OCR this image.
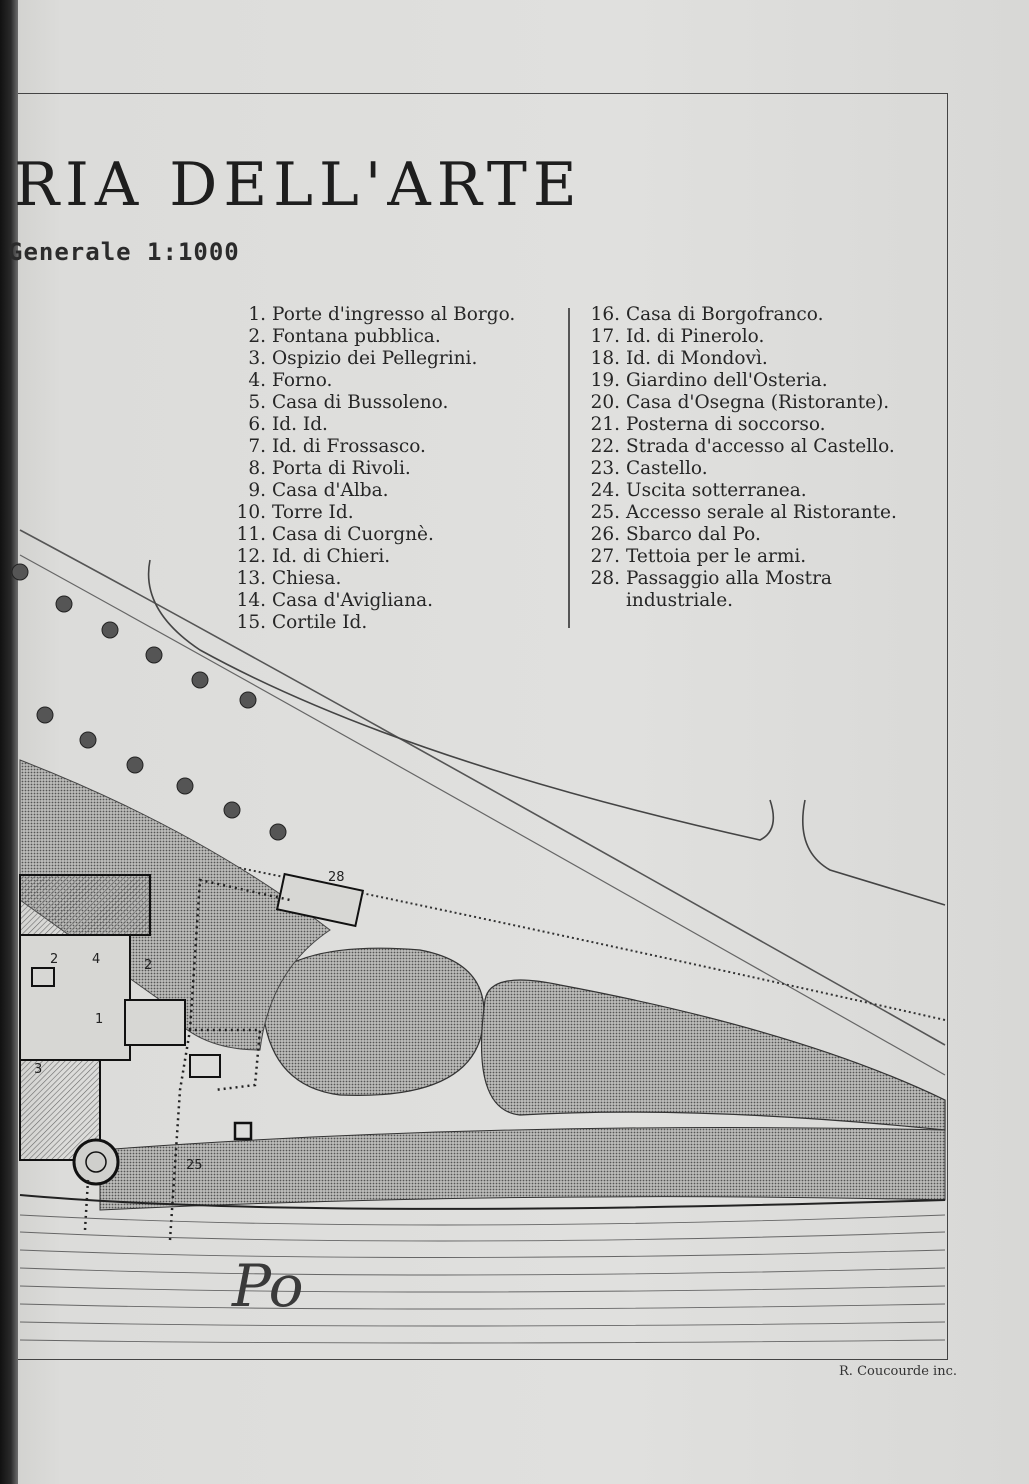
RIA DELL'ARTE
Generale 1:1000
1. Porte d'ingresso al Borgo.
2. Fontana pubblica.
3. Ospizio dei Pellegrini.
4. Forno.
5. Casa di Bussoleno.
6. Id. Id.
7. Id. di Frossasco.
8. Porta di Rivoli.
9. Casa d'Alba.
10. Torre Id.
11. Casa di Cuorgnè.
12. Id. di Chieri.
13. Chiesa.
14. Casa d'Avigliana.
15. Cortile Id.
16. Casa di Borgofranco.
17. Id. di Pinerolo.
18. Id. di Mondovì.
19. Giardino dell'Osteria.
20. Casa d'Osegna (Ristorante).
21. Posterna di soccorso.
22. Strada d'accesso al Castello.
23. Castello.
24. Uscita sotterranea.
25. Accesso serale al Ristorante.
26. Sbarco dal Po.
27. Tettoia per le armi.
28. Passaggio alla Mostra industriale.
28
2	4	2
1
3
25
Po

R. Coucourde inc.
